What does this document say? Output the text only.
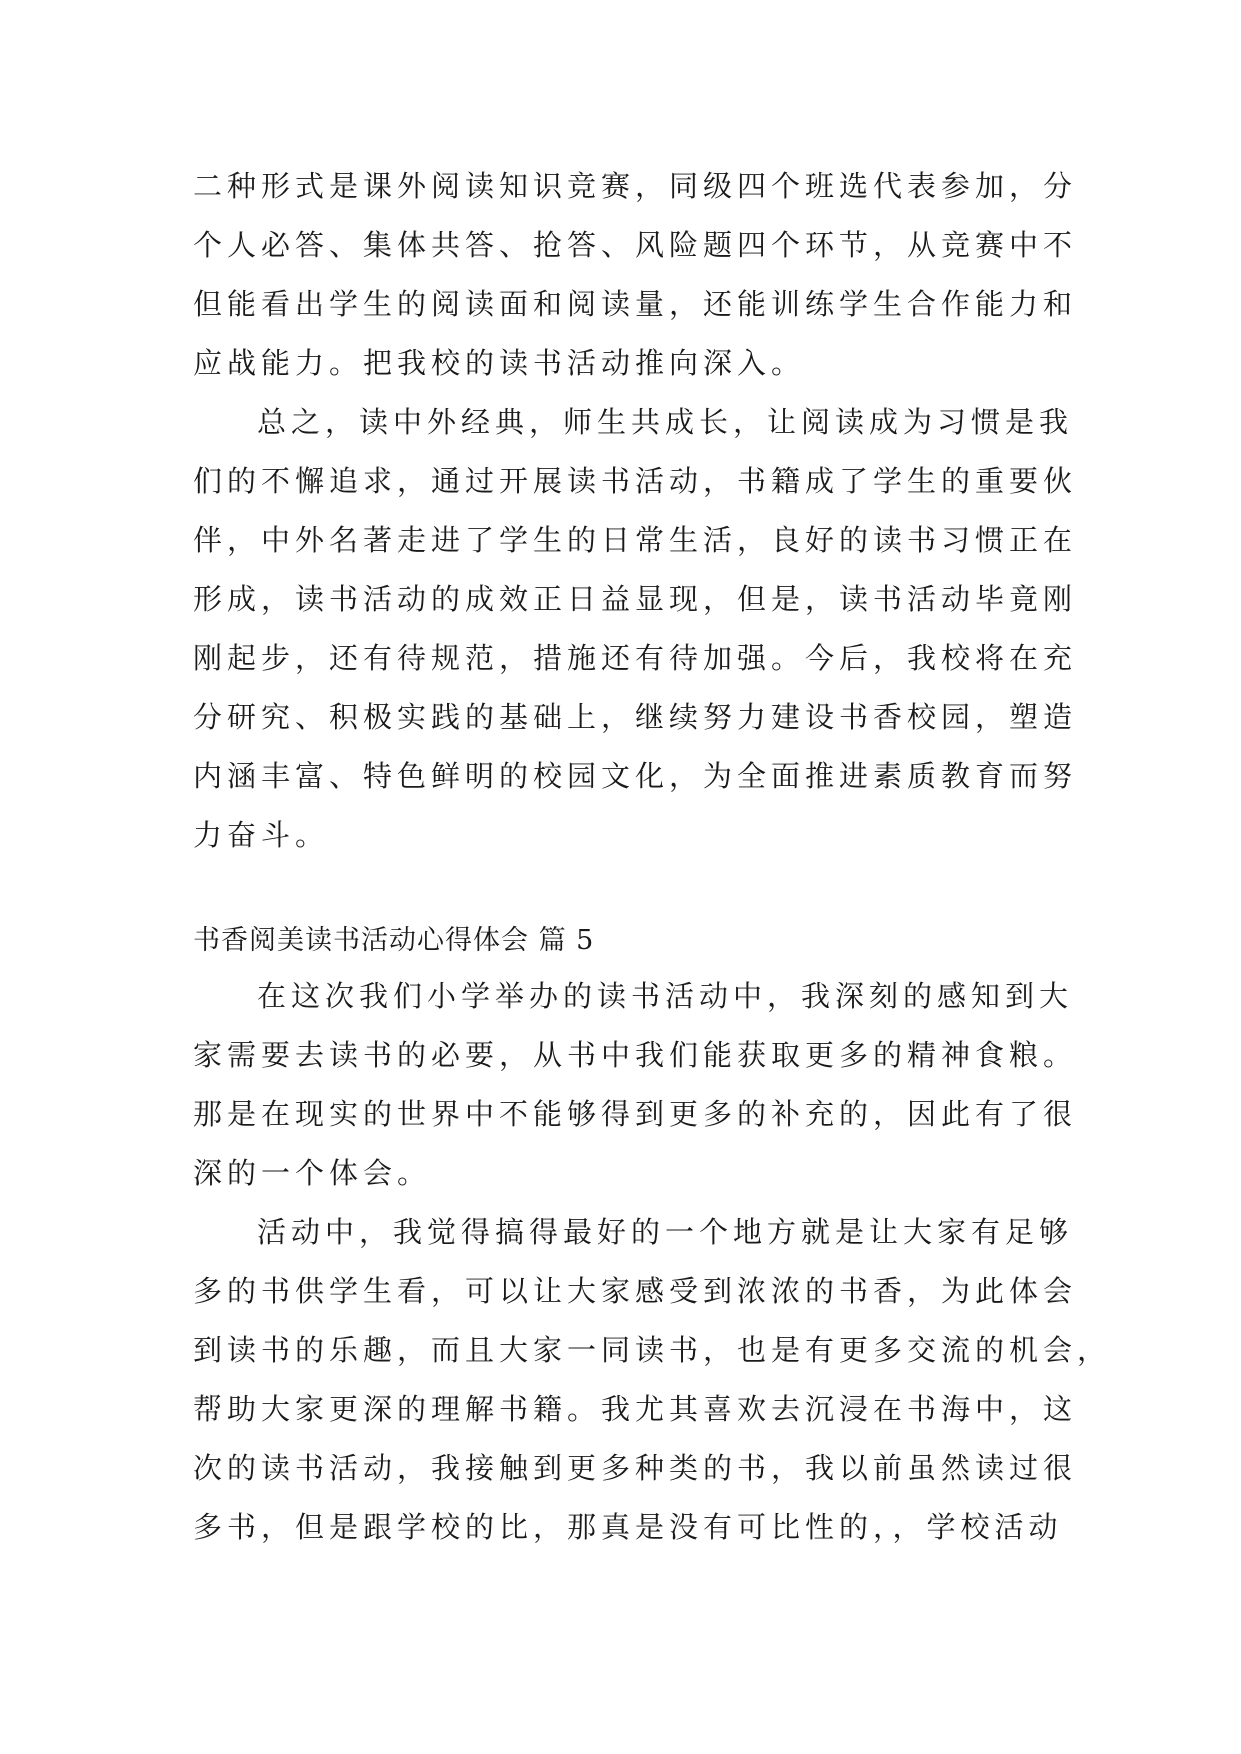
二种形式是课外阅读知识竞赛，同级四个班选代表参加，分
个人必答、集体共答、抢答、风险题四个环节，从竞赛中不
但能看出学生的阅读面和阅读量，还能训练学生合作能力和
应战能力。把我校的读书活动推向深入。
总之，读中外经典，师生共成长，让阅读成为习惯是我
们的不懈追求，通过开展读书活动，书籍成了学生的重要伙
伴，中外名著走进了学生的日常生活，良好的读书习惯正在
形成，读书活动的成效正日益显现，但是，读书活动毕竟刚
刚起步，还有待规范，措施还有待加强。今后，我校将在充
分研究、积极实践的基础上，继续努力建设书香校园，塑造
内涵丰富、特色鲜明的校园文化，为全面推进素质教育而努
力奋斗。
书香阅美读书活动心得体会 篇 5
在这次我们小学举办的读书活动中，我深刻的感知到大
家需要去读书的必要，从书中我们能获取更多的精神食粮。
那是在现实的世界中不能够得到更多的补充的，因此有了很
深的一个体会。
活动中，我觉得搞得最好的一个地方就是让大家有足够
多的书供学生看，可以让大家感受到浓浓的书香，为此体会
到读书的乐趣，而且大家一同读书，也是有更多交流的机会，
帮助大家更深的理解书籍。我尤其喜欢去沉浸在书海中，这
次的读书活动，我接触到更多种类的书，我以前虽然读过很
多书，但是跟学校的比，那真是没有可比性的，，学校活动
